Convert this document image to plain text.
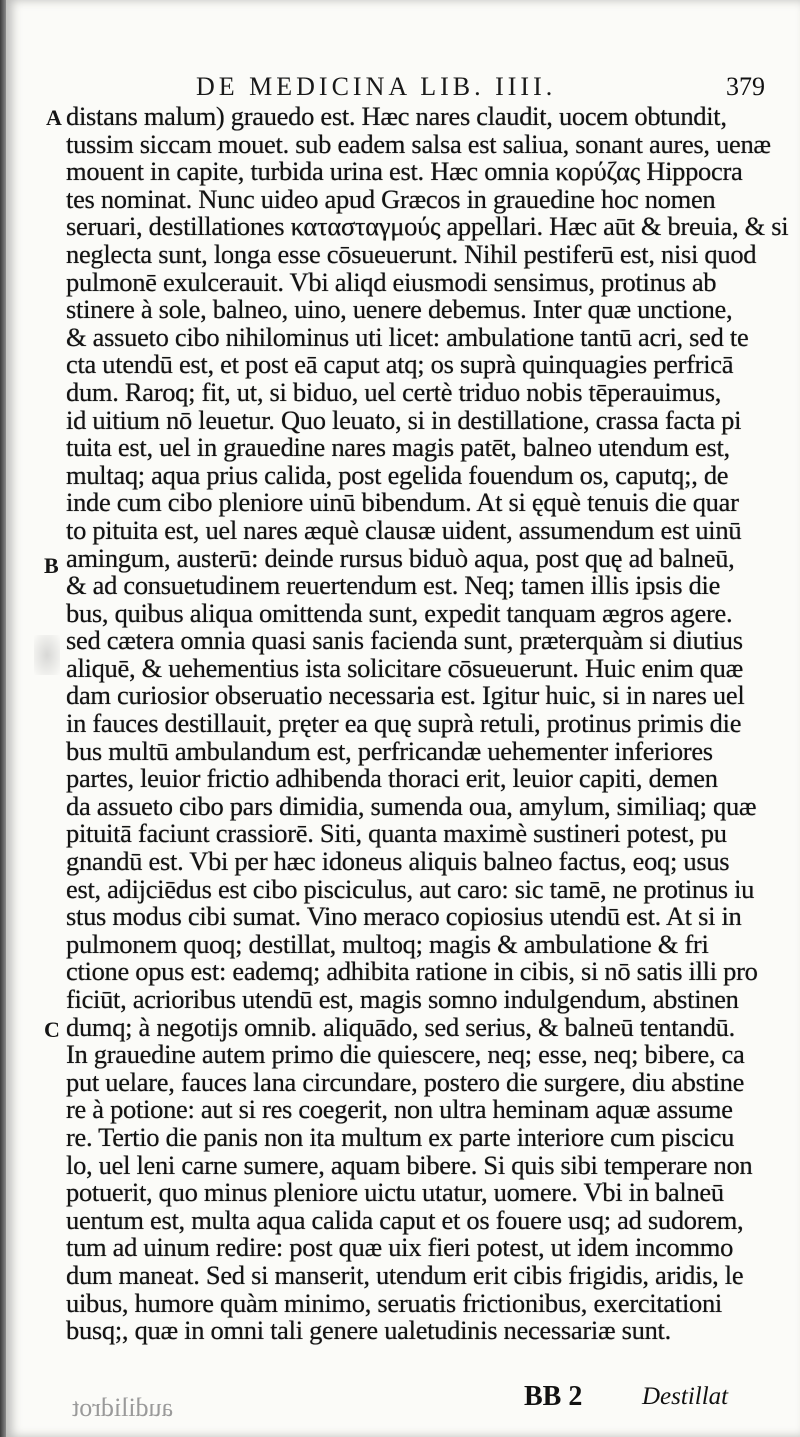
DE MEDICINA LIB. IIII.	379
A
B
C
distans malum) grauedo est. Hæc nares claudit, uocem obtundit,
tussim siccam mouet. sub eadem salsa est saliua, sonant aures, uenæ
mouent in capite, turbida urina est. Hæc omnia κορύζας Hippocra
tes nominat. Nunc uideo apud Græcos in grauedine hoc nomen
seruari, destillationes κατασταγμούς appellari. Hæc aūt & breuia, & si
neglecta sunt, longa esse cōsueuerunt. Nihil pestiferū est, nisi quod
pulmonē exulcerauit. Vbi aliqd eiusmodi sensimus, protinus ab
stinere à sole, balneo, uino, uenere debemus. Inter quæ unctione,
& assueto cibo nihilominus uti licet: ambulatione tantū acri, sed te
cta utendū est, et post eā caput atq; os suprà quinquagies perfricā
dum. Raroq; fit, ut, si biduo, uel certè triduo nobis tēperauimus,
id uitium nō leuetur. Quo leuato, si in destillatione, crassa facta pi
tuita est, uel in grauedine nares magis patēt, balneo utendum est,
multaq; aqua prius calida, post egelida fouendum os, caputq;, de
inde cum cibo pleniore uinū bibendum. At si ęquè tenuis die quar
to pituita est, uel nares æquè clausæ uident, assumendum est uinū
amingum, austerū: deinde rursus biduò aqua, post quę ad balneū,
& ad consuetudinem reuertendum est. Neq; tamen illis ipsis die
bus, quibus aliqua omittenda sunt, expedit tanquam ægros agere.
sed cætera omnia quasi sanis facienda sunt, præterquàm si diutius
aliquē, & uehementius ista solicitare cōsueuerunt. Huic enim quæ
dam curiosior obseruatio necessaria est. Igitur huic, si in nares uel
in fauces destillauit, pręter ea quę suprà retuli, protinus primis die
bus multū ambulandum est, perfricandæ uehementer inferiores
partes, leuior frictio adhibenda thoraci erit, leuior capiti, demen
da assueto cibo pars dimidia, sumenda oua, amylum, similiaq; quæ
pituitā faciunt crassiorē. Siti, quanta maximè sustineri potest, pu
gnandū est. Vbi per hæc idoneus aliquis balneo factus, eoq; usus
est, adijciēdus est cibo pisciculus, aut caro: sic tamē, ne protinus iu
stus modus cibi sumat. Vino meraco copiosius utendū est. At si in
pulmonem quoq; destillat, multoq; magis & ambulatione & fri
ctione opus est: eademq; adhibita ratione in cibis, si nō satis illi pro
ficiūt, acrioribus utendū est, magis somno indulgendum, abstinen
dumq; à negotijs omnib. aliquādo, sed serius, & balneū tentandū.
In grauedine autem primo die quiescere, neq; esse, neq; bibere, ca
put uelare, fauces lana circundare, postero die surgere, diu abstine
re à potione: aut si res coegerit, non ultra heminam aquæ assume
re. Tertio die panis non ita multum ex parte interiore cum piscicu
lo, uel leni carne sumere, aquam bibere. Si quis sibi temperare non
potuerit, quo minus pleniore uictu utatur, uomere. Vbi in balneū
uentum est, multa aqua calida caput et os fouere usq; ad sudorem,
tum ad uinum redire: post quæ uix fieri potest, ut idem incommo
dum maneat. Sed si manserit, utendum erit cibis frigidis, aridis, le
uibus, humore quàm minimo, seruatis frictionibus, exercitationi
busq;, quæ in omni tali genere ualetudinis necessariæ sunt.
audilidrot	BB 2 Destillat
